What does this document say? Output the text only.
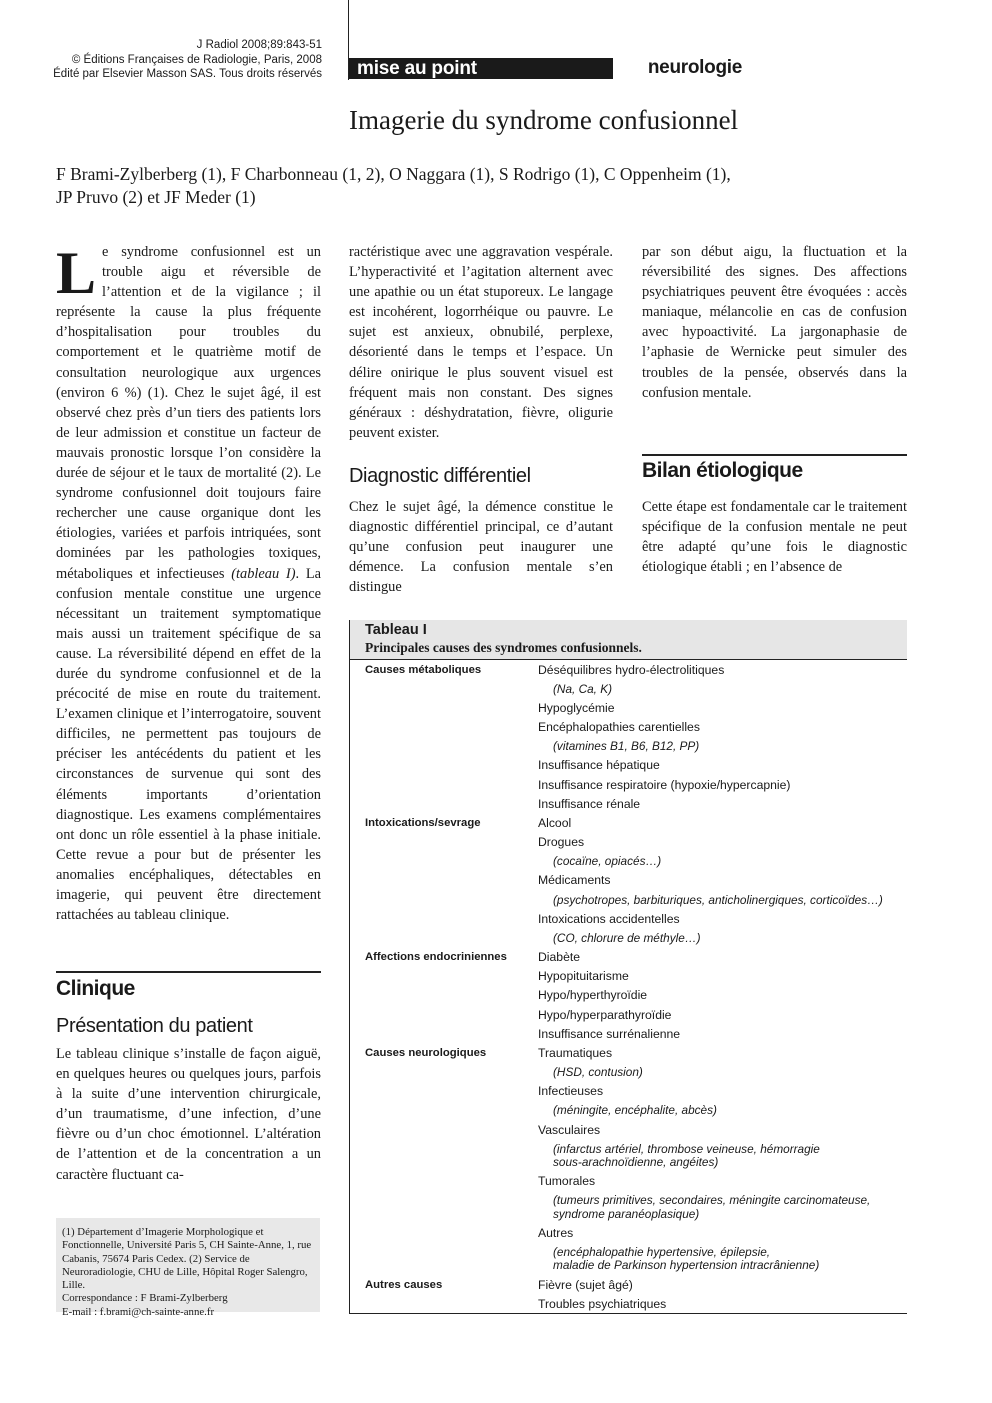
J Radiol 2008;89:843-51
© Éditions Françaises de Radiologie, Paris, 2008
Édité par Elsevier Masson SAS. Tous droits réservés	mise au point	neurologie
Imagerie du syndrome confusionnel
F Brami-Zylberberg (1), F Charbonneau (1, 2), O Naggara (1), S Rodrigo (1), C Oppenheim (1),
JP Pruvo (2) et JF Meder (1)

Le syndrome confusionnel est un trouble aigu et réversible de l’attention et de la vigilance ; il représente la cause la plus fréquente d’hospitalisation pour troubles du comportement et le quatrième motif de consultation neurologique aux urgences (environ 6 %) (1). Chez le sujet âgé, il est observé chez près d’un tiers des patients lors de leur admission et constitue un facteur de mauvais pronostic lorsque l’on considère la durée de séjour et le taux de mortalité (2). Le syndrome confusionnel doit toujours faire rechercher une cause organique dont les étiologies, variées et parfois intriquées, sont dominées par les pathologies toxiques, métaboliques et infectieuses (tableau I). La confusion mentale constitue une urgence nécessitant un traitement symptomatique mais aussi un traitement spécifique de sa cause. La réversibilité dépend en effet de la durée du syndrome confusionnel et de la précocité de mise en route du traitement. L’examen clinique et l’interrogatoire, souvent difficiles, ne permettent pas toujours de préciser les antécédents du patient et les circonstances de survenue qui sont des éléments importants d’orientation diagnostique. Les examens complémentaires ont donc un rôle essentiel à la phase initiale. Cette revue a pour but de présenter les anomalies encéphaliques, détectables en imagerie, qui peuvent être directement rattachées au tableau clinique.

Clinique
Présentation du patient

Le tableau clinique s’installe de façon aiguë, en quelques heures ou quelques jours, parfois à la suite d’une intervention chirurgicale, d’un traumatisme, d’une infection, d’une fièvre ou d’un choc émotionnel. L’altération de l’attention et de la concentration a un caractère fluctuant ca-

(1) Département d’Imagerie Morphologique et Fonctionnelle, Université Paris 5, CH Sainte-Anne, 1, rue Cabanis, 75674 Paris Cedex. (2) Service de Neuroradiologie, CHU de Lille, Hôpital Roger Salengro, Lille.

Correspondance : F Brami-Zylberberg

E-mail : f.brami@ch-sainte-anne.fr

ractéristique avec une aggravation vespérale. L’hyperactivité et l’agitation alternent avec une apathie ou un état stuporeux. Le langage est incohérent, logorrhéique ou pauvre. Le sujet est anxieux, obnubilé, perplexe, désorienté dans le temps et l’espace. Un délire onirique le plus souvent visuel est fréquent mais non constant. Des signes généraux : déshydratation, fièvre, oligurie peuvent exister.

Diagnostic différentiel

Chez le sujet âgé, la démence constitue le diagnostic différentiel principal, ce d’autant qu’une confusion peut inaugurer une démence. La confusion mentale s’en distingue

par son début aigu, la fluctuation et la réversibilité des signes. Des affections psychiatriques peuvent être évoquées : accès maniaque, mélancolie en cas de confusion avec hypoactivité. La jargonaphasie de l’aphasie de Wernicke peut simuler des troubles de la pensée, observés dans la confusion mentale.

Bilan étiologique

Cette étape est fondamentale car le traitement spécifique de la confusion mentale ne peut être adapté qu’une fois le diagnostic étiologique établi ; en l’absence de

Tableau I
Principales causes des syndromes confusionnels.
Causes métaboliques
Intoxications/sevrage
Affections endocriniennes
Causes neurologiques
Autres causes
Déséquilibres hydro-électrolitiques
(Na, Ca, K)
Hypoglycémie
Encéphalopathies carentielles
(vitamines B1, B6, B12, PP)
Insuffisance hépatique
Insuffisance respiratoire (hypoxie/hypercapnie)
Insuffisance rénale
Alcool
Drogues
(cocaïne, opiacés…)
Médicaments
(psychotropes, barbituriques, anticholinergiques, corticoïdes…)
Intoxications accidentelles
(CO, chlorure de méthyle…)
Diabète
Hypopituitarisme
Hypo/hyperthyroïdie
Hypo/hyperparathyroïdie
Insuffisance surrénalienne
Traumatiques
(HSD, contusion)
Infectieuses
(méningite, encéphalite, abcès)
Vasculaires
(infarctus artériel, thrombose veineuse, hémorragie
sous-arachnoïdienne, angéites)
Tumorales
(tumeurs primitives, secondaires, méningite carcinomateuse,
syndrome paranéoplasique)
Autres
(encéphalopathie hypertensive, épilepsie,
maladie de Parkinson hypertension intracrânienne)
Fièvre (sujet âgé)
Troubles psychiatriques
